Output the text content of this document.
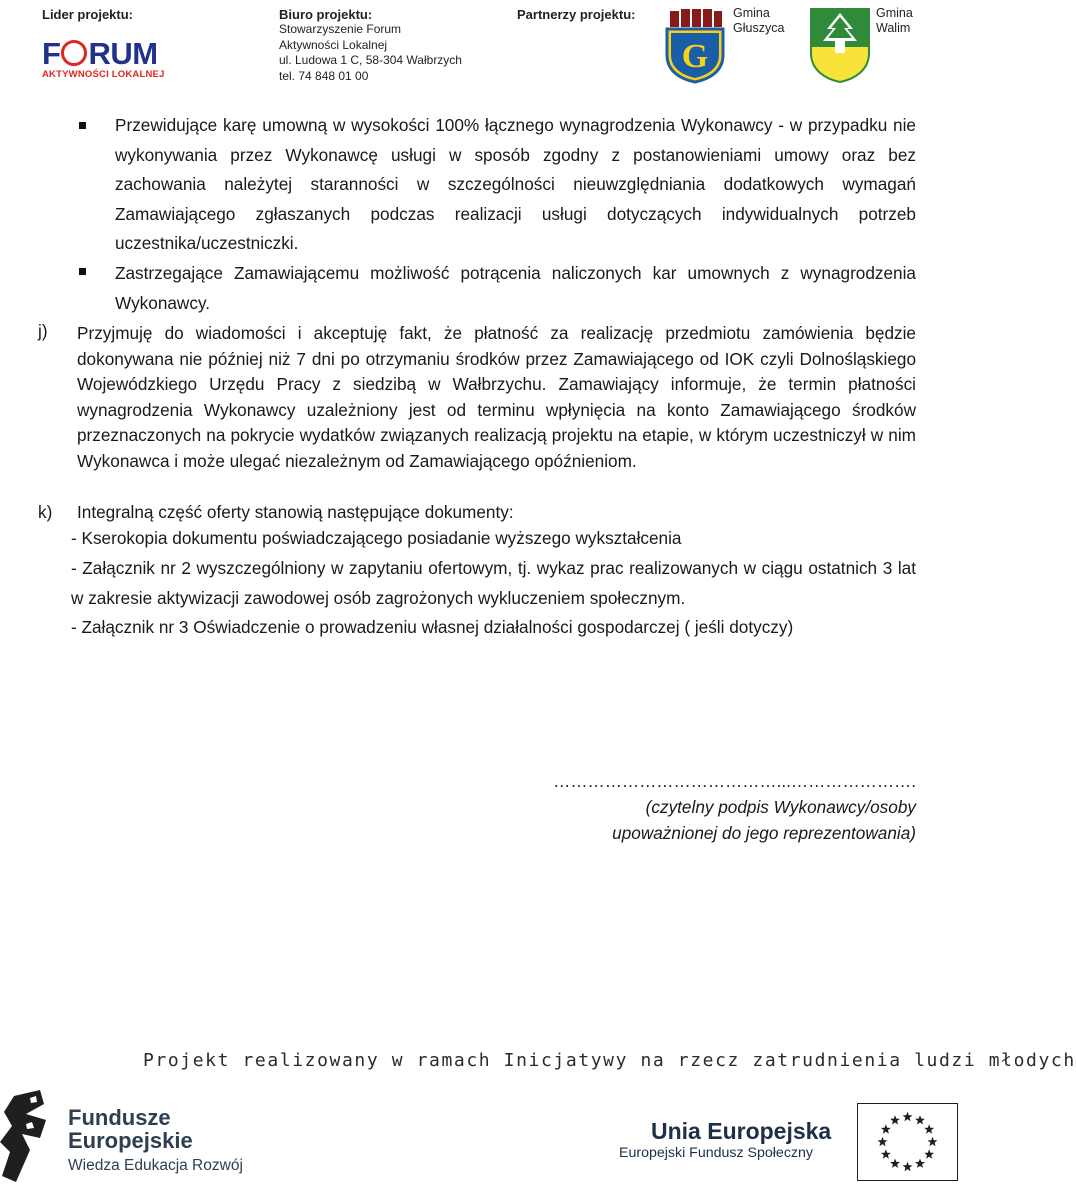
Lider projektu:
F RUM
AKTYWNOŚCI LOKALNEJ
Biuro projektu:
Stowarzyszenie Forum
Aktywności Lokalnej
ul. Ludowa 1 C, 58-304 Wałbrzych
tel. 74 848 01 00
Partnerzy projektu:
G
Gmina
Głuszyca
Gmina
Walim
Przewidujące karę umowną w wysokości 100% łącznego wynagrodzenia Wykonawcy - w przypadku nie wykonywania przez Wykonawcę usługi w sposób zgodny z postanowieniami umowy oraz bez zachowania należytej staranności w szczególności nieuwzględniania dodatkowych wymagań Zamawiającego zgłaszanych podczas realizacji usługi dotyczących indywidualnych potrzeb uczestnika/uczestniczki.
Zastrzegające Zamawiającemu możliwość potrącenia naliczonych kar umownych z wynagrodzenia Wykonawcy.
j) Przyjmuję do wiadomości i akceptuję fakt, że płatność za realizację przedmiotu zamówienia będzie dokonywana nie później niż 7 dni po otrzymaniu środków przez Zamawiającego od IOK czyli Dolnośląskiego Wojewódzkiego Urzędu Pracy z siedzibą w Wałbrzychu. Zamawiający informuje, że termin płatności wynagrodzenia Wykonawcy uzależniony jest od terminu wpłynięcia na konto Zamawiającego środków przeznaczonych na pokrycie wydatków związanych realizacją projektu na etapie, w którym uczestniczył w nim Wykonawca i może ulegać niezależnym od Zamawiającego opóźnieniom.
k) Integralną część oferty stanowią następujące dokumenty:
- Kserokopia dokumentu poświadczającego posiadanie wyższego wykształcenia
- Załącznik nr 2 wyszczególniony w zapytaniu ofertowym, tj. wykaz prac realizowanych w ciągu ostatnich 3 lat w zakresie aktywizacji zawodowej osób zagrożonych wykluczeniem społecznym.
- Załącznik nr 3 Oświadczenie o prowadzeniu własnej działalności gospodarczej ( jeśli dotyczy)
…………………………………...………………….
(czytelny podpis Wykonawcy/osoby
upoważnionej do jego reprezentowania)
Projekt realizowany w ramach Inicjatywy na rzecz zatrudnienia ludzi młodych
Fundusze
Europejskie
Wiedza Edukacja Rozwój
Unia Europejska
Europejski Fundusz Społeczny
